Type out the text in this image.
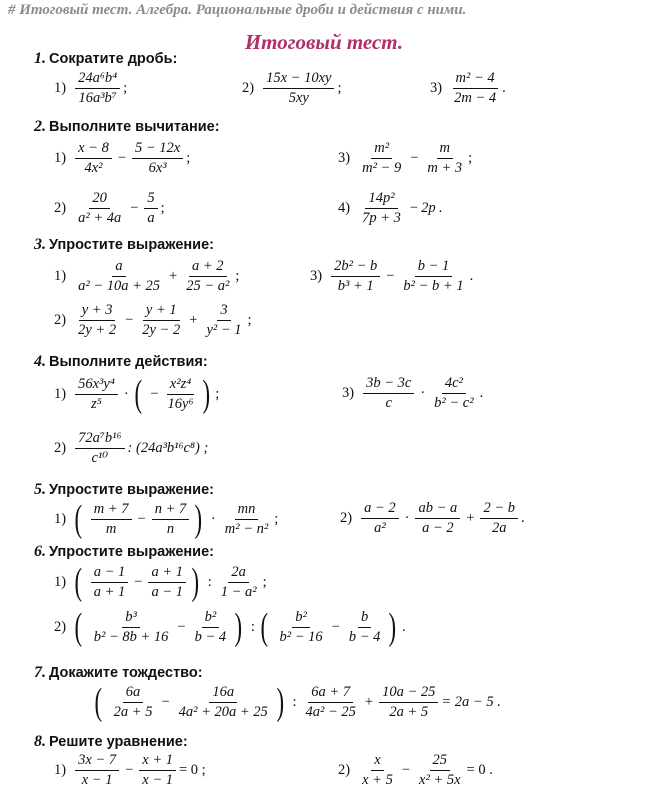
# Итоговый тест. Алгебра. Рациональные дроби и действия с ними.
Итоговый тест.
1. Сократите дробь:
2. Выполните вычитание:
3. Упростите выражение:
4. Выполните действия:
5. Упростите выражение:
6. Упростите выражение:
7. Докажите тождество:
8. Решите уравнение:
$1) \frac{\text{24a⁶b⁴}}{\text{16a³b⁷}}$ ;	$2) \frac{15x - 10xy}{5xy}$ ;	$3) \frac{\text{m² − 4}}{2m - 4}$ .
$1) \frac{x - 8}{\text{4x²}} - \frac{5 - 12x}{\text{6x³}}$ ;	$3) \frac{\text{m²}}{\text{m² − 9}} - \frac{m}{m + 3}$ ;
$2) \frac{20}{\text{a² + 4a}} - \frac{5}{a}$ ;	$4) \frac{\text{14p²}}{7p + 3} - 2p$ .
$1) \frac{a}{\text{a² − 10a + 25}} + \frac{a + 2}{\text{25 − a²}}$ ;	$3) \frac{\text{2b² − b}}{\text{b³ + 1}} - \frac{b - 1}{\text{b² − b + 1}}$ .
$2) \frac{y + 3}{2y + 2} - \frac{y + 1}{2y - 2} + \frac{3}{\text{y² − 1}}$ ;
$1) \frac{\text{56x³y⁴}}{\text{z⁵}}$ · ( − $\frac{\text{x²z⁴}}{\text{16y⁶}}$ ) ;	$3) \frac{3b - 3c}{c} \cdot \frac{\text{4c²}}{\text{b² − c²}}$ .
$2) \frac{\text{72a⁷b¹⁶}}{\text{c¹⁰}}$ : (24a³b¹⁶c⁸) ;
1) ( $\frac{m + 7}{m} - \frac{n + 7}{n}$ ) · $\frac{mn}{\text{m² − n²}}$ ;	$2) \frac{a - 2}{\text{a²}} \cdot \frac{ab - a}{a - 2} + \frac{2 - b}{2a}$ .
1) ( $\frac{a - 1}{a + 1} - \frac{a + 1}{a - 1}$ ) : $\frac{2a}{\text{1 − a²}}$ ;
2) ( $\frac{\text{b³}}{\text{b² − 8b + 16}} - \frac{\text{b²}}{b - 4}$ ) : ( $\frac{\text{b²}}{\text{b² − 16}} - \frac{b}{b - 4}$ ) .
( $\frac{6a}{2a + 5} - \frac{16a}{\text{4a² + 20a + 25}}$ ) : $\frac{6a + 7}{\text{4a² − 25}} + \frac{10a - 25}{2a + 5} = 2a - 5$ .
$1) \frac{3x - 7}{x - 1} - \frac{x + 1}{x - 1} = 0$ ;	$2) \frac{x}{x + 5} - \frac{25}{\text{x² + 5x}} = 0$ .
